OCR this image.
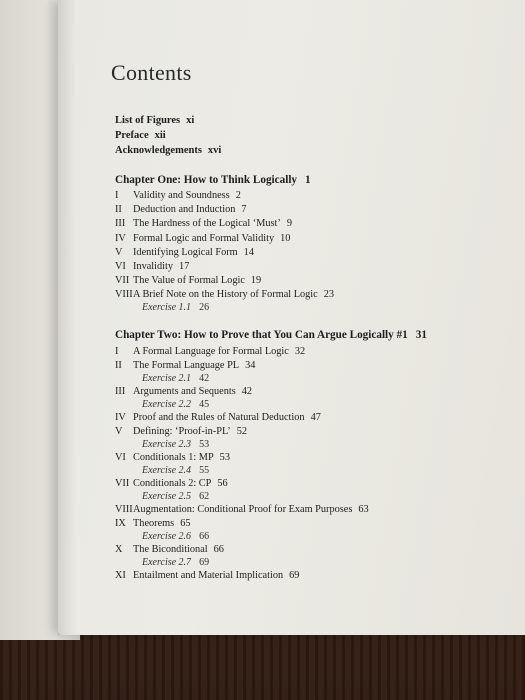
Contents
List of Figures xi
Preface xii
Acknowledgements xvi
Chapter One: How to Think Logically 1
I Validity and Soundness 2
II Deduction and Induction 7
III The Hardness of the Logical ‘Must’ 9
IV Formal Logic and Formal Validity 10
V Identifying Logical Form 14
VI Invalidity 17
VII The Value of Formal Logic 19
VIIIA Brief Note on the History of Formal Logic 23
Exercise 1.1 26
Chapter Two: How to Prove that You Can Argue Logically #1 31
I A Formal Language for Formal Logic 32
II The Formal Language PL 34
Exercise 2.1 42
III Arguments and Sequents 42
Exercise 2.2 45
IV Proof and the Rules of Natural Deduction 47
V Defining: ‘Proof-in-PL’ 52
Exercise 2.3 53
VI Conditionals 1: MP 53
Exercise 2.4 55
VII Conditionals 2: CP 56
Exercise 2.5 62
VIIIAugmentation: Conditional Proof for Exam Purposes 63
IX Theorems 65
Exercise 2.6 66
X The Biconditional 66
Exercise 2.7 69
XI Entailment and Material Implication 69
